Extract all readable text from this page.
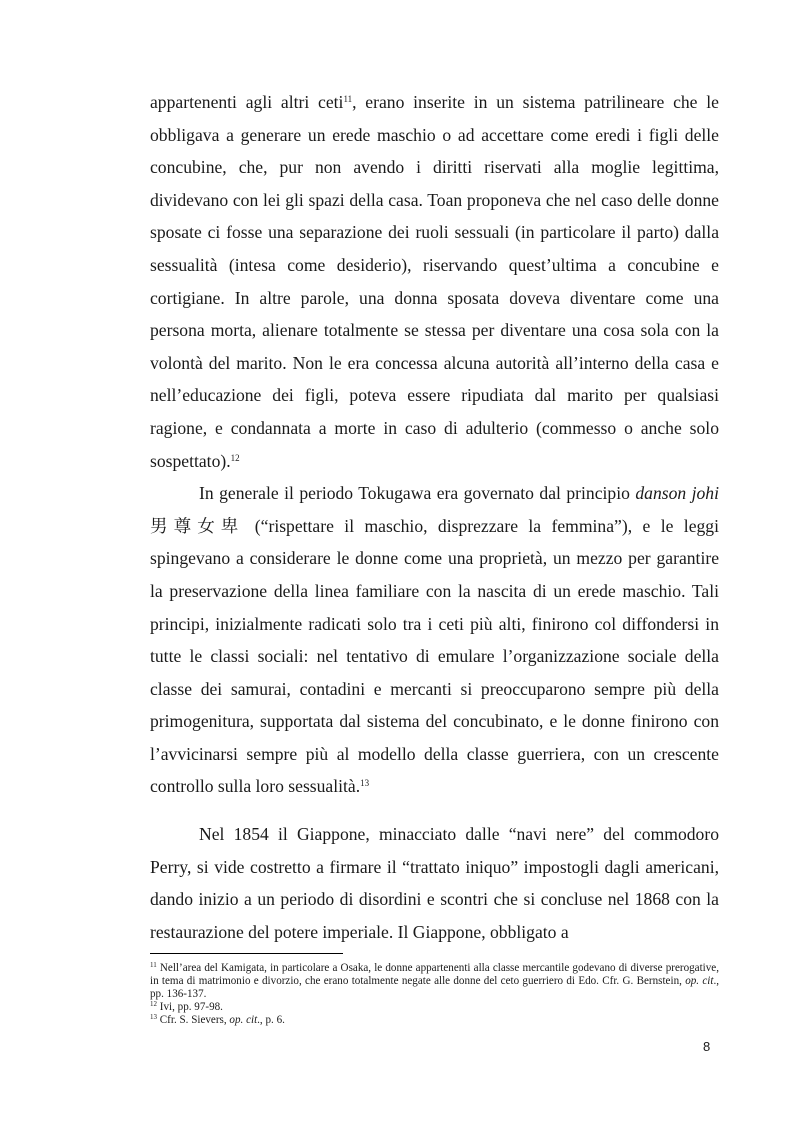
appartenenti agli altri ceti$^{11}$, erano inserite in un sistema patrilineare che le obbligava a generare un erede maschio o ad accettare come eredi i figli delle concubine, che, pur non avendo i diritti riservati alla moglie legittima, dividevano con lei gli spazi della casa. Toan proponeva che nel caso delle donne sposate ci fosse una separazione dei ruoli sessuali (in particolare il parto) dalla sessualità (intesa come desiderio), riservando quest’ultima a concubine e cortigiane. In altre parole, una donna sposata doveva diventare come una persona morta, alienare totalmente se stessa per diventare una cosa sola con la volontà del marito. Non le era concessa alcuna autorità all’interno della casa e nell’educazione dei figli, poteva essere ripudiata dal marito per qualsiasi ragione, e condannata a morte in caso di adulterio (commesso o anche solo sospettato).$^{12}$

In generale il periodo Tokugawa era governato dal principio danson johi 男尊女卑 (“rispettare il maschio, disprezzare la femmina”), e le leggi spingevano a considerare le donne come una proprietà, un mezzo per garantire la preservazione della linea familiare con la nascita di un erede maschio. Tali principi, inizialmente radicati solo tra i ceti più alti, finirono col diffondersi in tutte le classi sociali: nel tentativo di emulare l’organizzazione sociale della classe dei samurai, contadini e mercanti si preoccuparono sempre più della primogenitura, supportata dal sistema del concubinato, e le donne finirono con l’avvicinarsi sempre più al modello della classe guerriera, con un crescente controllo sulla loro sessualità.$^{13}$

Nel 1854 il Giappone, minacciato dalle “navi nere” del commodoro Perry, si vide costretto a firmare il “trattato iniquo” impostogli dagli americani, dando inizio a un periodo di disordini e scontri che si concluse nel 1868 con la restaurazione del potere imperiale. Il Giappone, obbligato a

$^{11}$ Nell’area del Kamigata, in particolare a Osaka, le donne appartenenti alla classe mercantile godevano di diverse prerogative, in tema di matrimonio e divorzio, che erano totalmente negate alle donne del ceto guerriero di Edo. Cfr. G. Bernstein, op. cit., pp. 136-137.

$^{12}$ Ivi, pp. 97-98.

$^{13}$ Cfr. S. Sievers, op. cit., p. 6.

8
